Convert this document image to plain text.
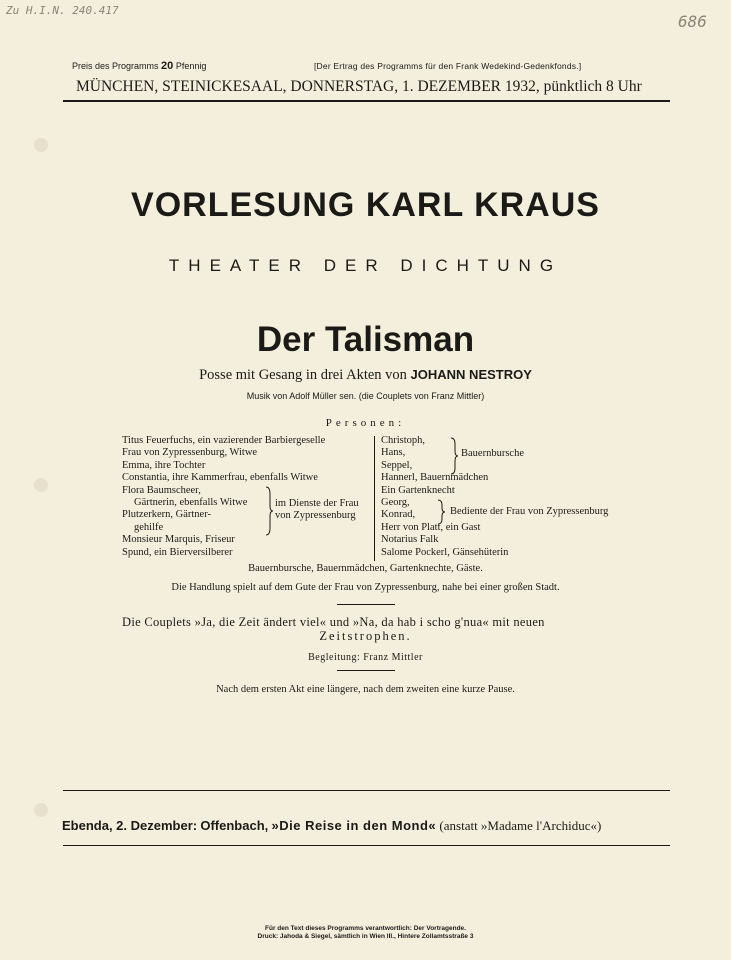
Zu H.I.N. 240.417
686
Preis des Programms 20 Pfennig	[Der Ertrag des Programms für den Frank Wedekind-Gedenkfonds.]
MÜNCHEN, STEINICKESAAL, DONNERSTAG, 1. DEZEMBER 1932, pünktlich 8 Uhr
VORLESUNG KARL KRAUS
THEATER DER DICHTUNG
Der Talisman
Posse mit Gesang in drei Akten von JOHANN NESTROY
Musik von Adolf Müller sen. (die Couplets von Franz Mittler)
Personen:
Titus Feuerfuchs, ein vazierender Barbiergeselle
Frau von Zypressenburg, Witwe
Emma, ihre Tochter
Constantia, ihre Kammerfrau, ebenfalls Witwe
Flora Baumscheer,
Gärtnerin, ebenfalls Witwe
Plutzerkern, Gärtner-
gehilfe
Monsieur Marquis, Friseur
Spund, ein Bierversilberer
im Dienste der Frau
von Zypressenburg
Christoph,
Hans,
Seppel,
Hannerl, Bauernmädchen
Ein Gartenknecht
Georg,
Konrad,
Herr von Platt, ein Gast
Notarius Falk
Salome Pockerl, Gänsehüterin
Bauernbursche
Bediente der Frau von Zypressenburg
Bauernbursche, Bauernmädchen, Gartenknechte, Gäste.
Die Handlung spielt auf dem Gute der Frau von Zypressenburg, nahe bei einer großen Stadt.
Die Couplets »Ja, die Zeit ändert viel« und »Na, da hab i scho g'nua« mit neuen
Zeitstrophen.
Begleitung: Franz Mittler
Nach dem ersten Akt eine längere, nach dem zweiten eine kurze Pause.
Ebenda, 2. Dezember: Offenbach, »Die Reise in den Mond« (anstatt »Madame l'Archiduc«)
Für den Text dieses Programms verantwortlich: Der Vortragende.
Druck: Jahoda & Siegel, sämtlich in Wien III., Hintere Zollamtsstraße 3
